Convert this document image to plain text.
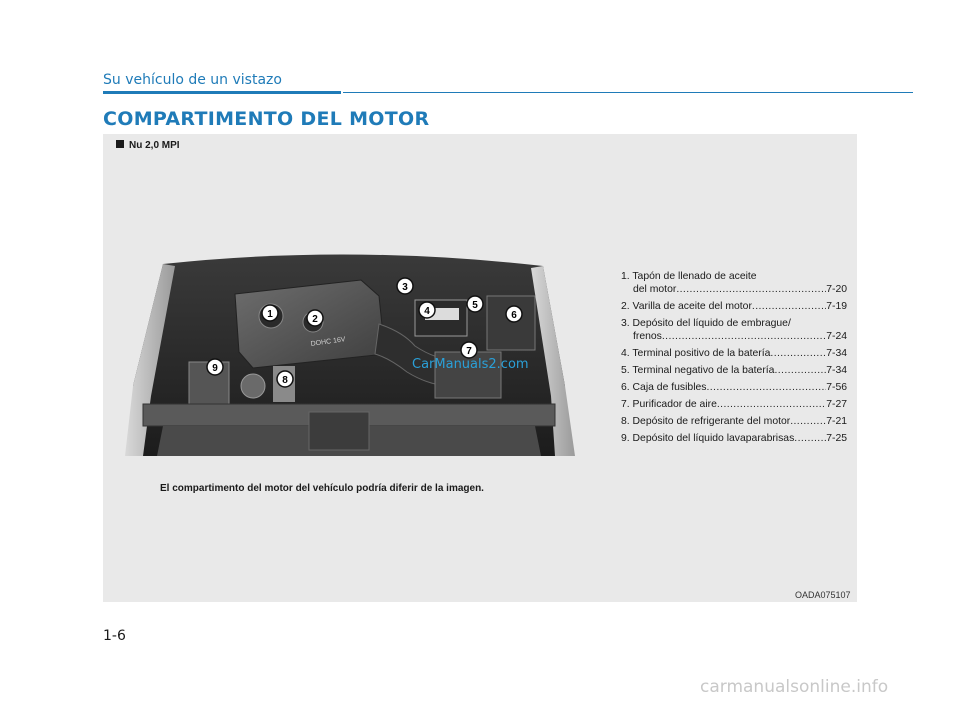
Su vehículo de un vistazo
COMPARTIMENTO DEL MOTOR
Nu 2,0 MPI
DOHC 16V
1	2
3
4
5
6
7
8
9	CarManuals2.com
1. Tapón de llenado de aceite
del motor .....	7-20
2. Varilla de aceite del motor .....	7-19
3. Depósito del líquido de embrague/
frenos .....	7-24
4. Terminal positivo de la batería .....	7-34
5. Terminal negativo de la batería .....	7-34
6. Caja de fusibles .....	7-56
7. Purificador de aire .....	7-27
8. Depósito de refrigerante del motor .....	7-21
9. Depósito del líquido lavaparabrisas .....	7-25
El compartimento del motor del vehículo podría diferir de la imagen.
OADA075107
1-6
carmanualsonline.info
